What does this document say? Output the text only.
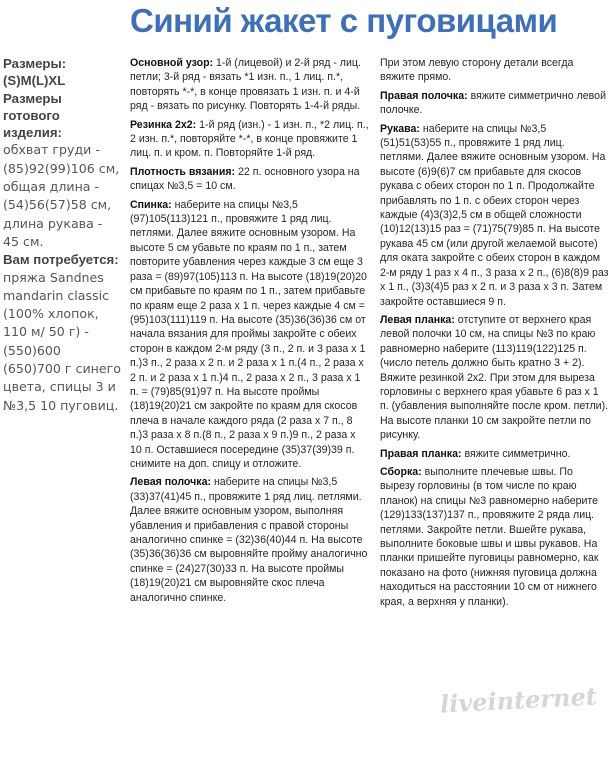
Синий жакет с пуговицами
Размеры:
(S)M(L)XL
Размеры готового изделия:
обхват груди - (85)92(99)106 см, общая длина - (54)56(57)58 см, длина рукава - 45 см.
Вам потребуется:
пряжа Sandnes mandarin classic (100% хлопок, 110 м/ 50 г) - (550)600 (650)700 г синего цвета, спицы 3 и №3,5 10 пуговиц.

Основной узор: 1-й (лицевой) и 2-й ряд - лиц. петли; 3-й ряд - вязать *1 изн. п., 1 лиц. п.*, повторять *-*, в конце провязать 1 изн. п. и 4-й ряд - вязать по рисунку. Повторять 1-4-й ряды.

Резинка 2x2: 1-й ряд (изн.) - 1 изн. п., *2 лиц. п., 2 изн. п.*, повторяйте *-*, в конце провяжите 1 лиц. п. и кром. п. Повторяйте 1-й ряд.

Плотность вязания: 22 п. основного узора на спицах №3,5 = 10 см.

Спинка: наберите на спицы №3,5 (97)105(113)121 п., провяжите 1 ряд лиц. петлями. Далее вяжите основным узором. На высоте 5 см убавьте по краям по 1 п., затем повторите убавления через каждые 3 см еще 3 раза = (89)97(105)113 п. На высоте (18)19(20)20 см прибавьте по краям по 1 п., затем прибавьте по краям еще 2 раза x 1 п. через каждые 4 см = (95)103(111)119 п. На высоте (35)36(36)36 см от начала вязания для проймы закройте с обеих сторон в каждом 2-м ряду (3 п., 2 п. и 3 раза x 1 п.)3 п., 2 раза x 2 п. и 2 раза x 1 п.(4 п., 2 раза x 2 п. и 2 раза x 1 п.)4 п., 2 раза x 2 п., 3 раза x 1 п. = (79)85(91)97 п. На высоте проймы (18)19(20)21 см закройте по краям для скосов плеча в начале каждого ряда (2 раза x 7 п., 8 п.)3 раза x 8 п.(8 п., 2 раза x 9 п.)9 п., 2 раза x 10 п. Оставшиеся посередине (35)37(39)39 п. снимите на доп. спицу и отложите.

Левая полочка: наберите на спицы №3,5 (33)37(41)45 п., провяжите 1 ряд лиц. петлями. Далее вяжите основным узором, выполняя убавления и прибавления с правой стороны аналогично спинке = (32)36(40)44 п. На высоте (35)36(36)36 см выровняйте пройму аналогично спинке = (24)27(30)33 п. На высоте проймы (18)19(20)21 см выровняйте скос плеча аналогично спинке.

При этом левую сторону детали всегда вяжите прямо.

Правая полочка: вяжите симметрично левой полочке.

Рукава: наберите на спицы №3,5 (51)51(53)55 п., провяжите 1 ряд лиц. петлями. Далее вяжите основным узором. На высоте (6)9(6)7 см прибавьте для скосов рукава с обеих сторон по 1 п. Продолжайте прибавлять по 1 п. с обеих сторон через каждые (4)3(3)2,5 см в общей сложности (10)12(13)15 раз = (71)75(79)85 п. На высоте рукава 45 см (или другой желаемой высоте) для оката закройте с обеих сторон в каждом 2-м ряду 1 раз x 4 п., 3 раза x 2 п., (6)8(8)9 раз x 1 п., (3)3(4)5 раз x 2 п. и 3 раза x 3 п. Затем закройте оставшиеся 9 п.

Левая планка: отступите от верхнего края левой полочки 10 см, на спицы №3 по краю равномерно наберите (113)119(122)125 п. (число петель должно быть кратно 3 + 2). Вяжите резинкой 2x2. При этом для выреза горловины с верхнего края убавьте 6 раз x 1 п. (убавления выполняйте после кром. петли). На высоте планки 10 см закройте петли по рисунку.

Правая планка: вяжите симметрично.

Сборка: выполните плечевые швы. По вырезу горловины (в том числе по краю планок) на спицы №3 равномерно наберите (129)133(137)137 п., провяжите 2 ряда лиц. петлями. Закройте петли. Вшейте рукава, выполните боковые швы и швы рукавов. На планки пришейте пуговицы равномерно, как показано на фото (нижняя пуговица должна находиться на расстоянии 10 см от нижнего края, а верхняя у планки).

liveinternet
